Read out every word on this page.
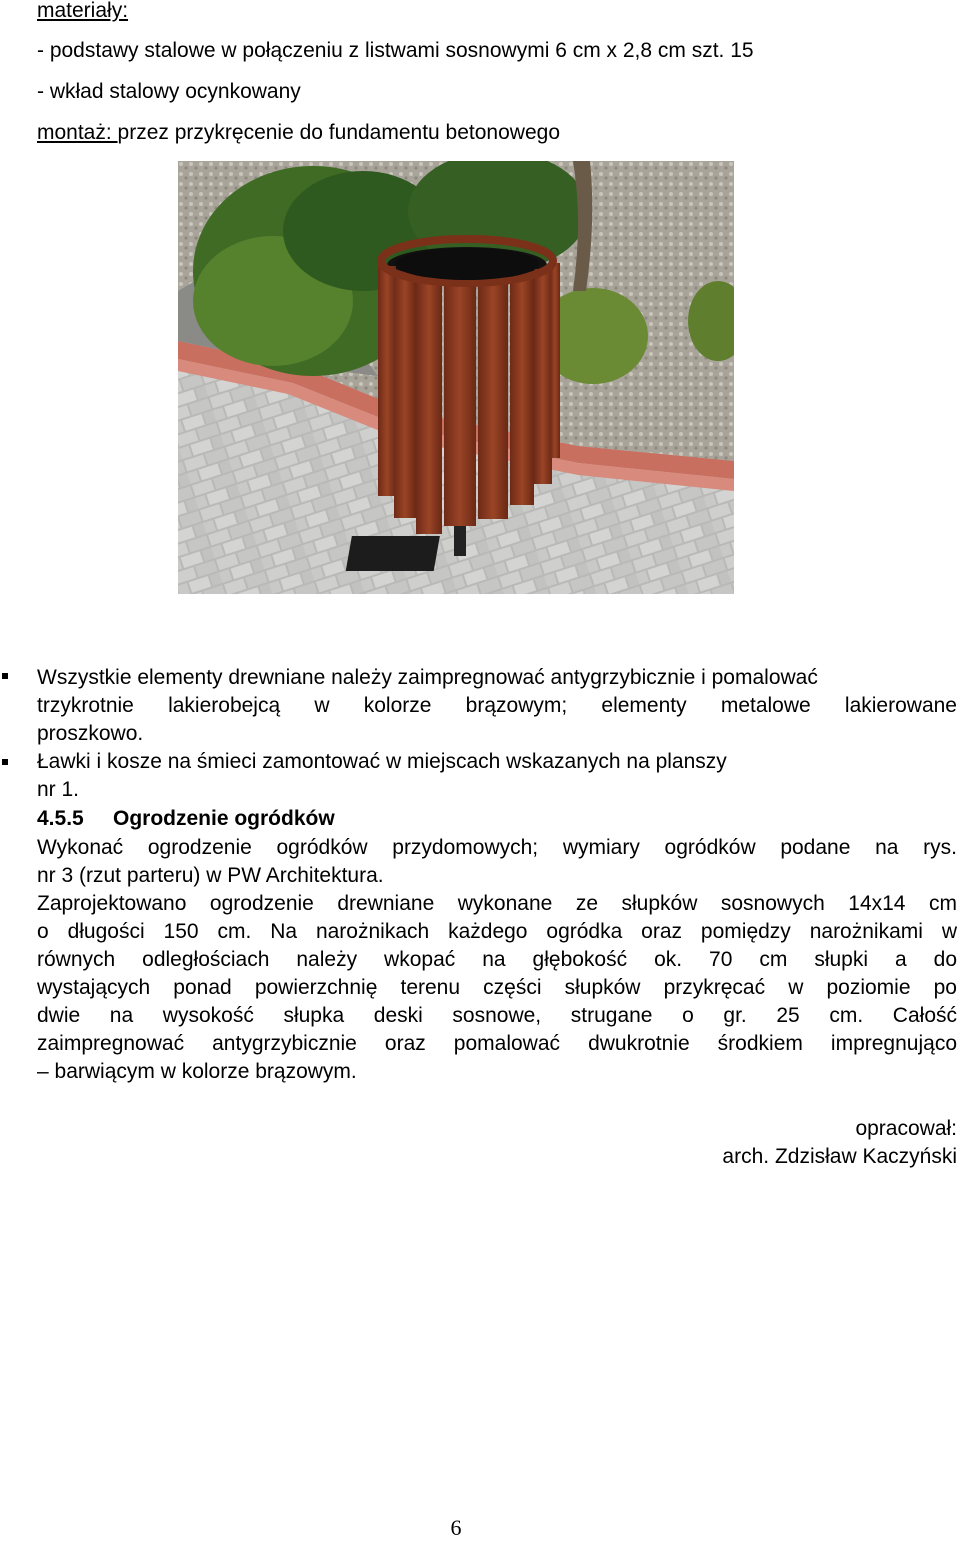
materiały:
- podstawy stalowe w połączeniu z listwami sosnowymi 6 cm x 2,8 cm szt. 15
- wkład stalowy ocynkowany
montaż: przez przykręcenie do fundamentu betonowego
Wszystkie elementy drewniane należy zaimpregnować antygrzybicznie i pomalować
trzykrotnie lakierobejcą w kolorze brązowym; elementy metalowe lakierowane
proszkowo.
Ławki i kosze na śmieci zamontować w miejscach wskazanych na planszy
nr 1.
4.5.5 Ogrodzenie ogródków
Wykonać ogrodzenie ogródków przydomowych; wymiary ogródków podane na rys.
nr 3 (rzut parteru) w PW Architektura.
Zaprojektowano ogrodzenie drewniane wykonane ze słupków sosnowych 14x14 cm
o długości 150 cm. Na narożnikach każdego ogródka oraz pomiędzy narożnikami w
równych odległościach należy wkopać na głębokość ok. 70 cm słupki a do
wystających ponad powierzchnię terenu części słupków przykręcać w poziomie po
dwie na wysokość słupka deski sosnowe, strugane o gr. 25 cm. Całość
zaimpregnować antygrzybicznie oraz pomalować dwukrotnie środkiem impregnująco
– barwiącym w kolorze brązowym.
opracował:
arch. Zdzisław Kaczyński
6
